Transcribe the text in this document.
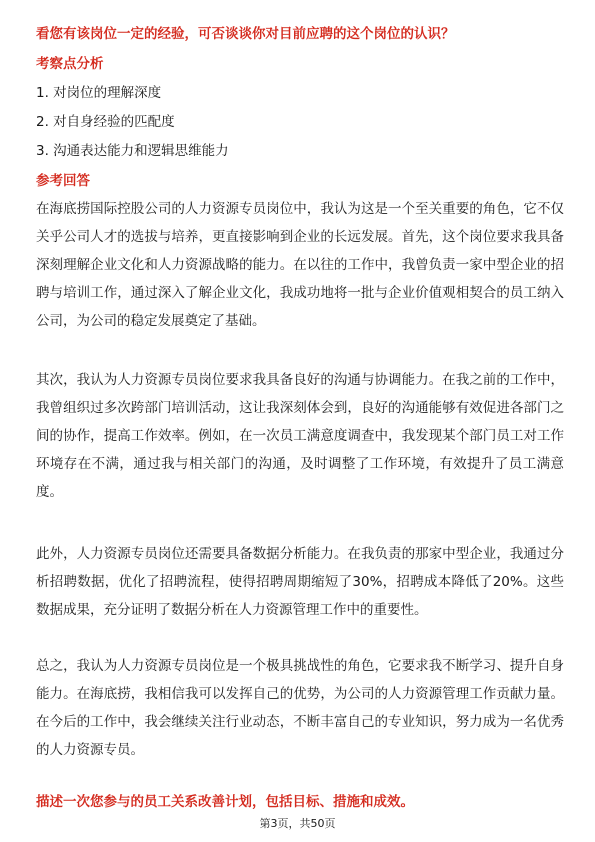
看您有该岗位一定的经验，可否谈谈你对目前应聘的这个岗位的认识？
考察点分析
1. 对岗位的理解深度
2. 对自身经验的匹配度
3. 沟通表达能力和逻辑思维能力
参考回答
在海底捞国际控股公司的人力资源专员岗位中，我认为这是一个至关重要的角色，它不仅关乎公司人才的选拔与培养，更直接影响到企业的长远发展。首先，这个岗位要求我具备深刻理解企业文化和人力资源战略的能力。在以往的工作中，我曾负责一家中型企业的招聘与培训工作，通过深入了解企业文化，我成功地将一批与企业价值观相契合的员工纳入公司，为公司的稳定发展奠定了基础。
其次，我认为人力资源专员岗位要求我具备良好的沟通与协调能力。在我之前的工作中，我曾组织过多次跨部门培训活动，这让我深刻体会到，良好的沟通能够有效促进各部门之间的协作，提高工作效率。例如，在一次员工满意度调查中，我发现某个部门员工对工作环境存在不满，通过我与相关部门的沟通，及时调整了工作环境，有效提升了员工满意度。
此外，人力资源专员岗位还需要具备数据分析能力。在我负责的那家中型企业，我通过分析招聘数据，优化了招聘流程，使得招聘周期缩短了30%，招聘成本降低了20%。这些数据成果，充分证明了数据分析在人力资源管理工作中的重要性。
总之，我认为人力资源专员岗位是一个极具挑战性的角色，它要求我不断学习、提升自身能力。在海底捞，我相信我可以发挥自己的优势，为公司的人力资源管理工作贡献力量。在今后的工作中，我会继续关注行业动态，不断丰富自己的专业知识，努力成为一名优秀的人力资源专员。
描述一次您参与的员工关系改善计划，包括目标、措施和成效。
第3页，共50页
